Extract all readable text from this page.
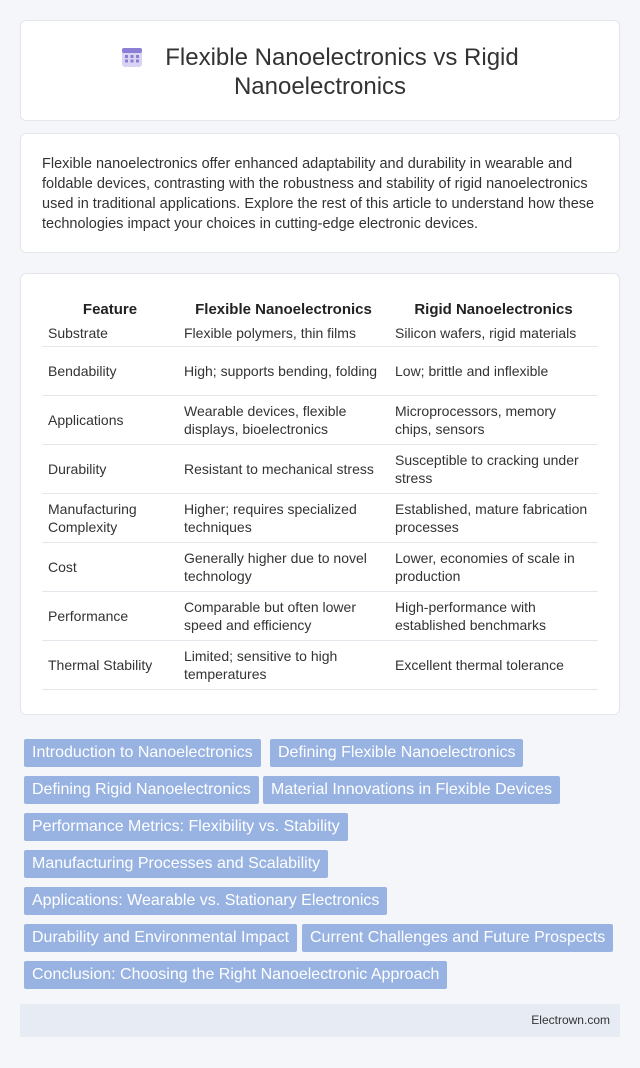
Flexible Nanoelectronics vs Rigid
Nanoelectronics

Flexible nanoelectronics offer enhanced adaptability and durability in wearable and foldable devices, contrasting with the robustness and stability of rigid nanoelectronics used in traditional applications. Explore the rest of this article to understand how these technologies impact your choices in cutting-edge electronic devices.

Feature	Flexible Nanoelectronics	Rigid Nanoelectronics
Substrate	Flexible polymers, thin films	Silicon wafers, rigid materials
Bendability	High; supports bending, folding	Low; brittle and inflexible
Applications	Wearable devices, flexible displays, bioelectronics	Microprocessors, memory chips, sensors
Durability	Resistant to mechanical stress	Susceptible to cracking under stress
Manufacturing Complexity	Higher; requires specialized techniques	Established, mature fabrication processes
Cost	Generally higher due to novel technology	Lower, economies of scale in production
Performance	Comparable but often lower speed and efficiency	High-performance with established benchmarks
Thermal Stability	Limited; sensitive to high temperatures	Excellent thermal tolerance
Introduction to Nanoelectronics	Defining Flexible Nanoelectronics
Defining Rigid Nanoelectronics	Material Innovations in Flexible Devices
Performance Metrics: Flexibility vs. Stability
Manufacturing Processes and Scalability
Applications: Wearable vs. Stationary Electronics
Durability and Environmental Impact	Current Challenges and Future Prospects
Conclusion: Choosing the Right Nanoelectronic Approach
Electrown.com
